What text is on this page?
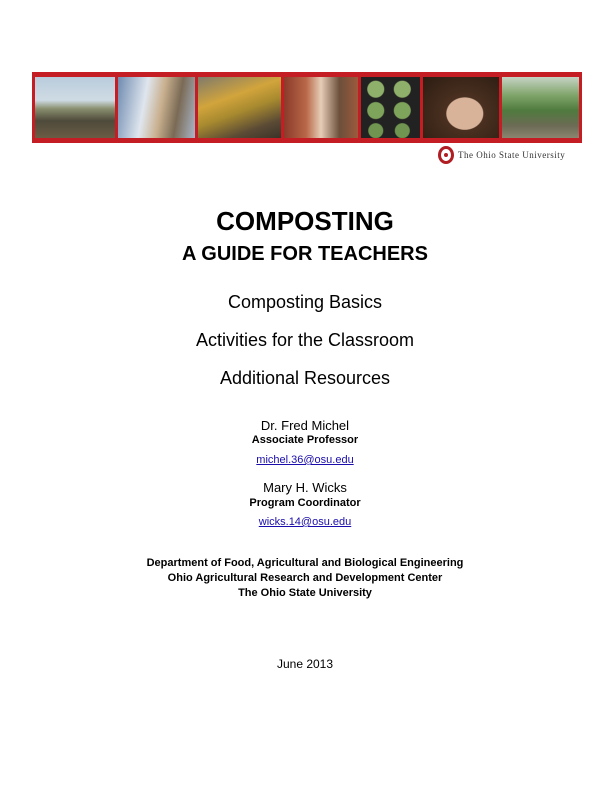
The Ohio State University
COMPOSTING
A GUIDE FOR TEACHERS
Composting Basics
Activities for the Classroom
Additional Resources
Dr. Fred Michel
Associate Professor
michel.36@osu.edu
Mary H. Wicks
Program Coordinator
wicks.14@osu.edu
Department of Food, Agricultural and Biological Engineering
Ohio Agricultural Research and Development Center
The Ohio State University
June 2013
